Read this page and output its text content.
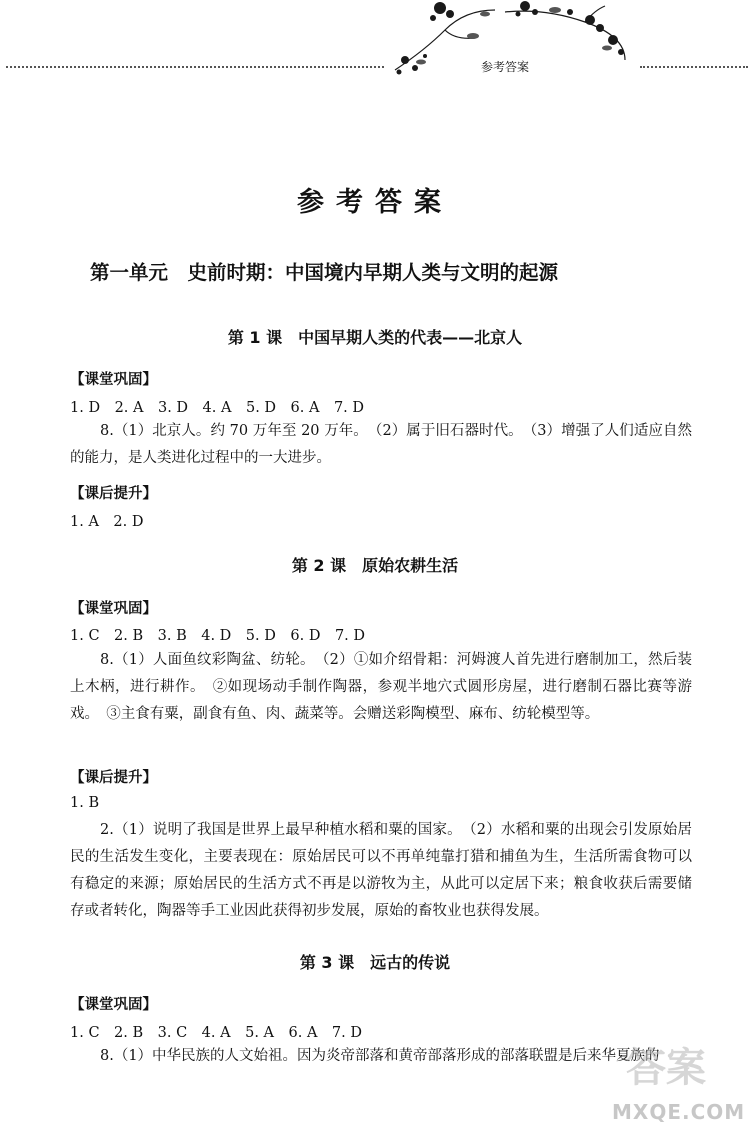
参考答案
参考答案
第一单元　史前时期：中国境内早期人类与文明的起源
第 1 课　中国早期人类的代表——北京人
【课堂巩固】
1. D　2. A　3. D　4. A　5. D　6. A　7. D
8.（1）北京人。约 70 万年至 20 万年。　（2）属于旧石器时代。　（3）增强了人们适应自然的能力，是人类进化过程中的一大进步。
【课后提升】
1. A　2. D
第 2 课　原始农耕生活
【课堂巩固】
1. C　2. B　3. B　4. D　5. D　6. D　7. D
8.（1）人面鱼纹彩陶盆、纺轮。　（2）①如介绍骨耜：河姆渡人首先进行磨制加工，然后装上木柄，进行耕作。　②如现场动手制作陶器，参观半地穴式圆形房屋，进行磨制石器比赛等游戏。　③主食有粟，副食有鱼、肉、蔬菜等。会赠送彩陶模型、麻布、纺轮模型等。
【课后提升】
1. B
2.（1）说明了我国是世界上最早种植水稻和粟的国家。　（2）水稻和粟的出现会引发原始居民的生活发生变化，主要表现在：原始居民可以不再单纯靠打猎和捕鱼为生，生活所需食物可以有稳定的来源；原始居民的生活方式不再是以游牧为主，从此可以定居下来；粮食收获后需要储存或者转化，陶器等手工业因此获得初步发展，原始的畜牧业也获得发展。
第 3 课　远古的传说
【课堂巩固】
1. C　2. B　3. C　4. A　5. A　6. A　7. D
8.（1）中华民族的人文始祖。因为炎帝部落和黄帝部落形成的部落联盟是后来华夏族的
答案
MXQE.COM
